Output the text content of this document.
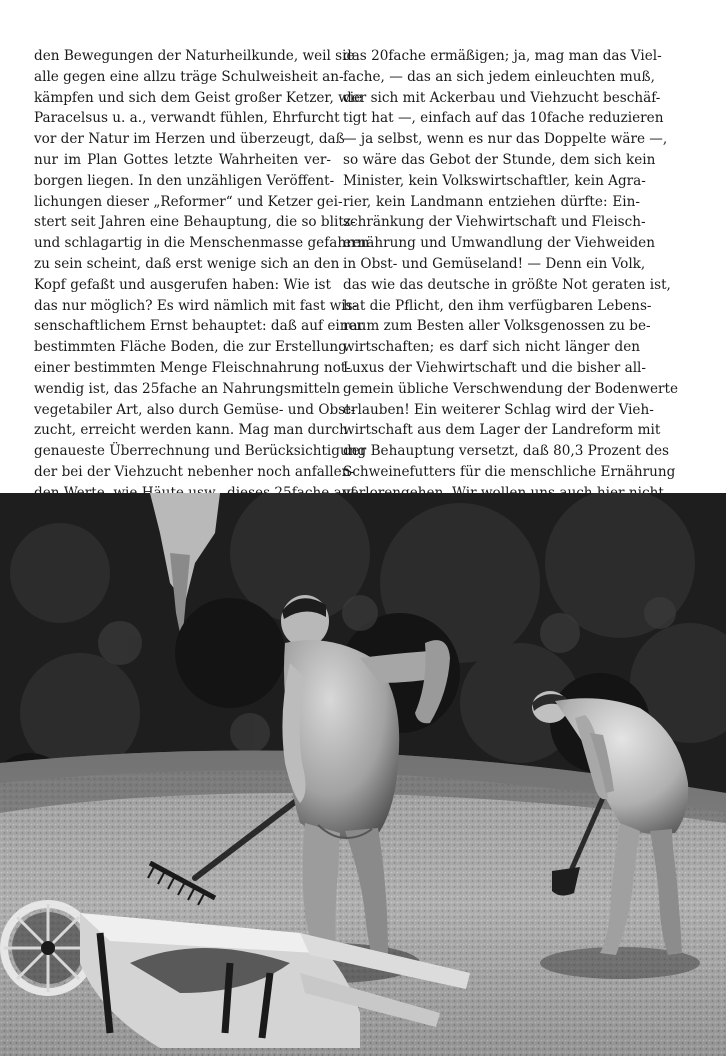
den Bewegungen der Naturheilkunde, weil sie
alle gegen eine allzu träge Schulweisheit an-
kämpfen und sich dem Geist großer Ketzer, wie
Paracelsus u. a., verwandt fühlen, Ehrfurcht
vor der Natur im Herzen und überzeugt, daß
nur im Plan Gottes letzte Wahrheiten ver-
borgen liegen. In den unzähligen Veröffent-
lichungen dieser „Reformer“ und Ketzer gei-
stert seit Jahren eine Behauptung, die so blitz-
und schlagartig in die Menschenmasse gefahren
zu sein scheint, daß erst wenige sich an den
Kopf gefaßt und ausgerufen haben: Wie ist
das nur möglich? Es wird nämlich mit fast wis-
senschaftlichem Ernst behauptet: daß auf einer
bestimmten Fläche Boden, die zur Erstellung
einer bestimmten Menge Fleischnahrung not-
wendig ist, das 25fache an Nahrungsmitteln
vegetabiler Art, also durch Gemüse- und Obst-
zucht, erreicht werden kann. Mag man durch
genaueste Überrechnung und Berücksichtigung
der bei der Viehzucht nebenher noch anfallen-
das 20fache ermäßigen; ja, mag man das Viel-
fache, — das an sich jedem einleuchten muß,
der sich mit Ackerbau und Viehzucht beschäf-
tigt hat —, einfach auf das 10fache reduzieren
— ja selbst, wenn es nur das Doppelte wäre —,
so wäre das Gebot der Stunde, dem sich kein
Minister, kein Volkswirtschaftler, kein Agra-
rier, kein Landmann entziehen dürfte: Ein-
schränkung der Viehwirtschaft und Fleisch-
ernährung und Umwandlung der Viehweiden
in Obst- und Gemüseland! — Denn ein Volk,
das wie das deutsche in größte Not geraten ist,
hat die Pflicht, den ihm verfügbaren Lebens-
raum zum Besten aller Volksgenossen zu be-
wirtschaften; es darf sich nicht länger den
Luxus der Viehwirtschaft und die bisher all-
gemein übliche Verschwendung der Bodenwerte
erlauben! Ein weiterer Schlag wird der Vieh-
wirtschaft aus dem Lager der Landreform mit
der Behauptung versetzt, daß 80,3 Prozent des
Schweinefutters für die menschliche Ernährung
